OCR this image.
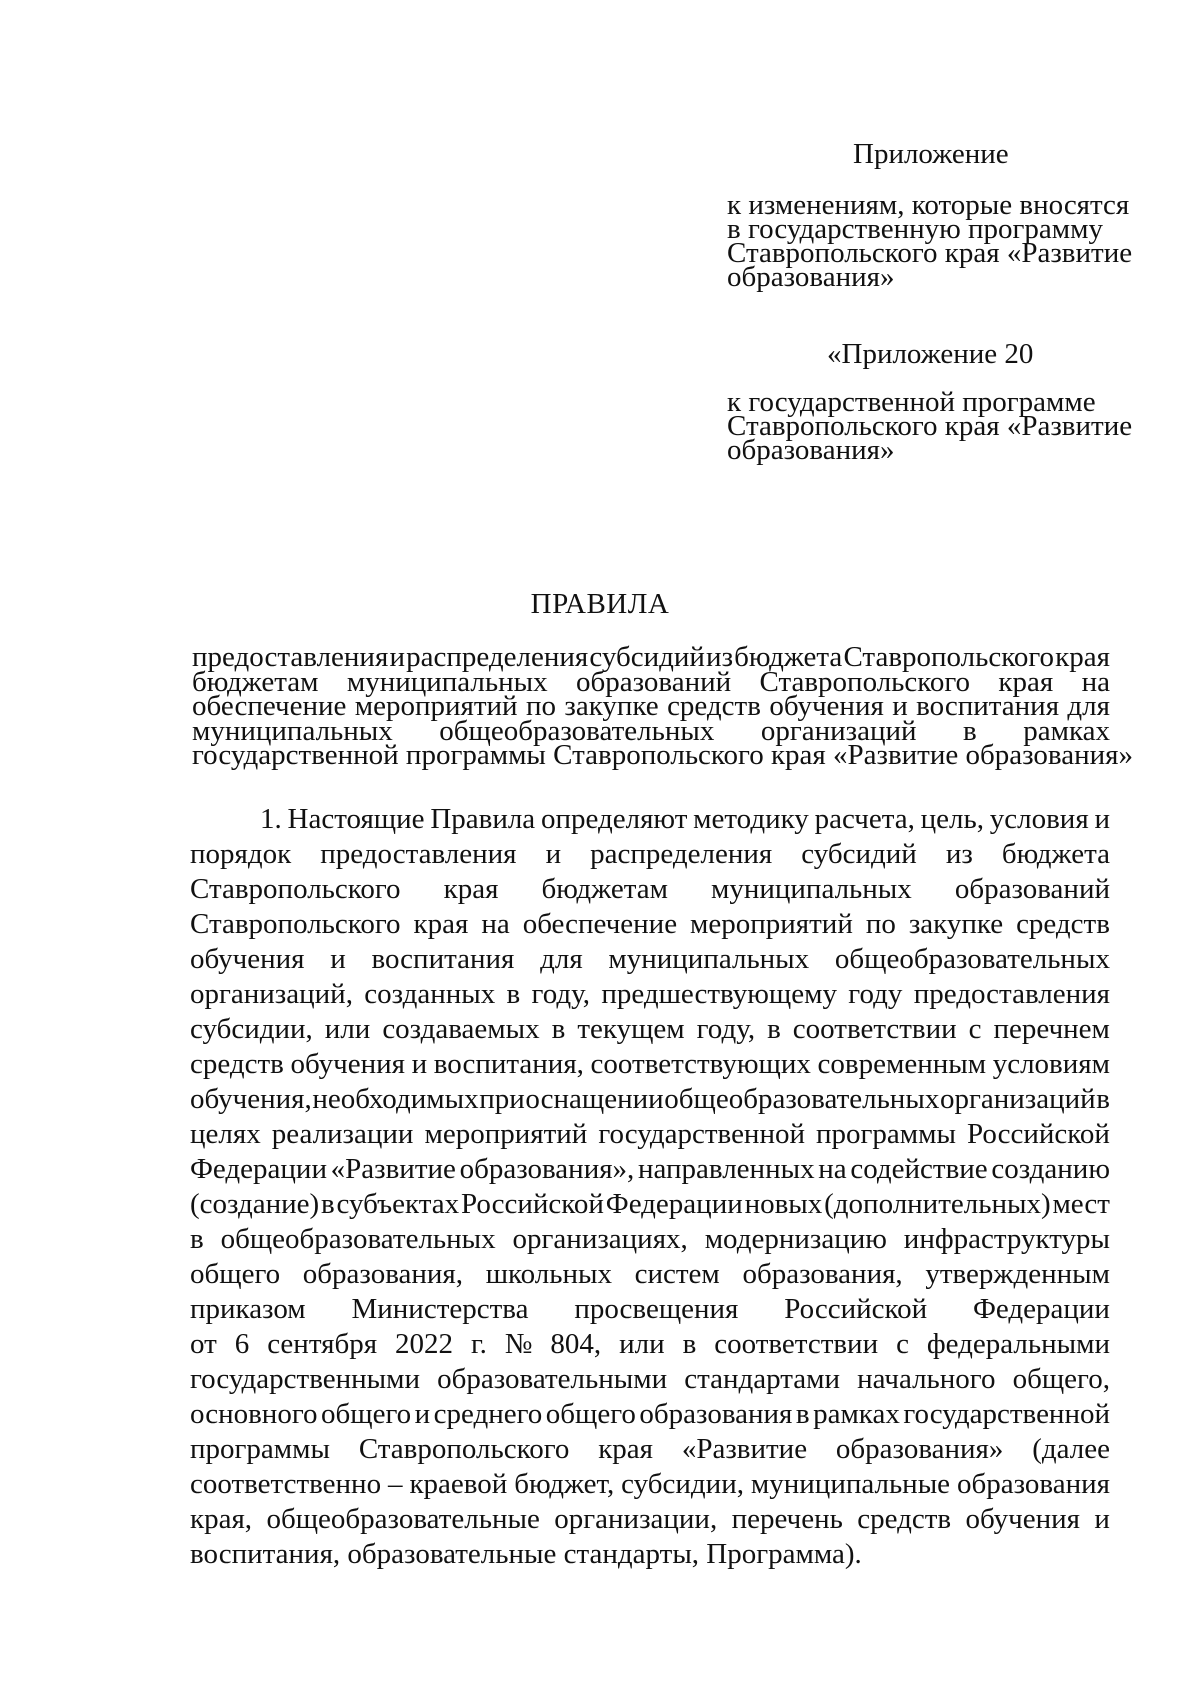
Приложение
к изменениям, которые вносятся
в государственную программу
Ставропольского края «Развитие
образования»
«Приложение 20
к государственной программе
Ставропольского края «Развитие
образования»
ПРАВИЛА
предоставления и распределения субсидий из бюджета Ставропольского края
бюджетам муниципальных образований Ставропольского края на
обеспечение мероприятий по закупке средств обучения и воспитания для
муниципальных общеобразовательных организаций в рамках
государственной программы Ставропольского края «Развитие образования»
1. Настоящие Правила определяют методику расчета, цель, условия и
порядок предоставления и распределения субсидий из бюджета
Ставропольского края бюджетам муниципальных образований
Ставропольского края на обеспечение мероприятий по закупке средств
обучения и воспитания для муниципальных общеобразовательных
организаций, созданных в году, предшествующему году предоставления
субсидии, или создаваемых в текущем году, в соответствии с перечнем
средств обучения и воспитания, соответствующих современным условиям
обучения, необходимых при оснащении общеобразовательных организаций в
целях реализации мероприятий государственной программы Российской
Федерации «Развитие образования», направленных на содействие созданию
(создание) в субъектах Российской Федерации новых (дополнительных) мест
в общеобразовательных организациях, модернизацию инфраструктуры
общего образования, школьных систем образования, утвержденным
приказом Министерства просвещения Российской Федерации
от 6 сентября 2022 г. № 804, или в соответствии с федеральными
государственными образовательными стандартами начального общего,
основного общего и среднего общего образования в рамках государственной
программы Ставропольского края «Развитие образования» (далее
соответственно – краевой бюджет, субсидии, муниципальные образования
края, общеобразовательные организации, перечень средств обучения и
воспитания, образовательные стандарты, Программа).
